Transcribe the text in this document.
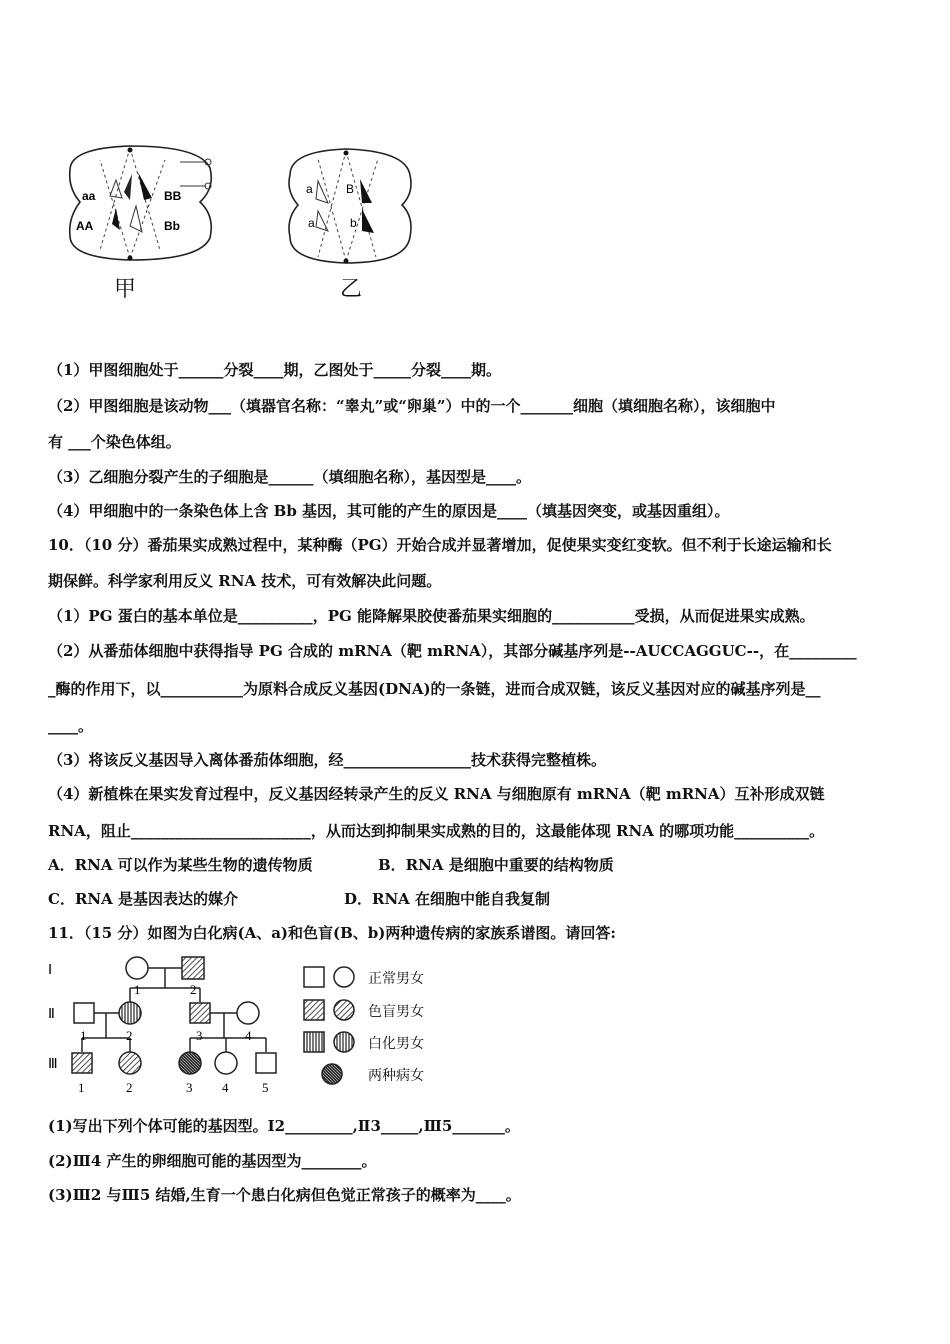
aa	BB
AA	Bb
甲
a	B
a	b
乙
（1）甲图细胞处于______分裂____期，乙图处于_____分裂____期。
（2）甲图细胞是该动物___（填器官名称：“睾丸”或“卵巢”）中的一个_______细胞（填细胞名称），该细胞中
有 ___个染色体组。
（3）乙细胞分裂产生的子细胞是______（填细胞名称），基因型是____。
（4）甲细胞中的一条染色体上含 Bb 基因，其可能的产生的原因是____（填基因突变，或基因重组）。
10．（10 分）番茄果实成熟过程中，某种酶（PG）开始合成并显著增加，促使果实变红变软。但不利于长途运输和长
期保鲜。科学家利用反义 RNA 技术，可有效解决此问题。
（1）PG 蛋白的基本单位是__________，PG 能降解果胶使番茄果实细胞的___________受损，从而促进果实成熟。
（2）从番茄体细胞中获得指导 PG 合成的 mRNA（靶 mRNA），其部分碱基序列是--AUCCAGGUC--，在_________
_酶的作用下，以___________为原料合成反义基因(DNA)的一条链，进而合成双链，该反义基因对应的碱基序列是__
____。
（3）将该反义基因导入离体番茄体细胞，经_________________技术获得完整植株。
（4）新植株在果实发育过程中，反义基因经转录产生的反义 RNA 与细胞原有 mRNA（靶 mRNA）互补形成双链
RNA，阻止________________________，从而达到抑制果实成熟的目的，这最能体现 RNA 的哪项功能__________。
A．RNA 可以作为某些生物的遗传物质	B．RNA 是细胞中重要的结构物质
C．RNA 是基因表达的媒介	D．RNA 在细胞中能自我复制
11．（15 分）如图为白化病(A、a)和色盲(B、b)两种遗传病的家族系谱图。请回答:
Ⅰ
Ⅱ
Ⅲ
1	2
1	2	3	4
1	2	3 4	5
正常男女
色盲男女
白化男女
两种病女
(1)写出下列个体可能的基因型。Ⅰ2_________,Ⅱ3_____,Ⅲ5_______。
(2)Ⅲ4 产生的卵细胞可能的基因型为________。
(3)Ⅲ2 与Ⅲ5 结婚,生育一个患白化病但色觉正常孩子的概率为____。
